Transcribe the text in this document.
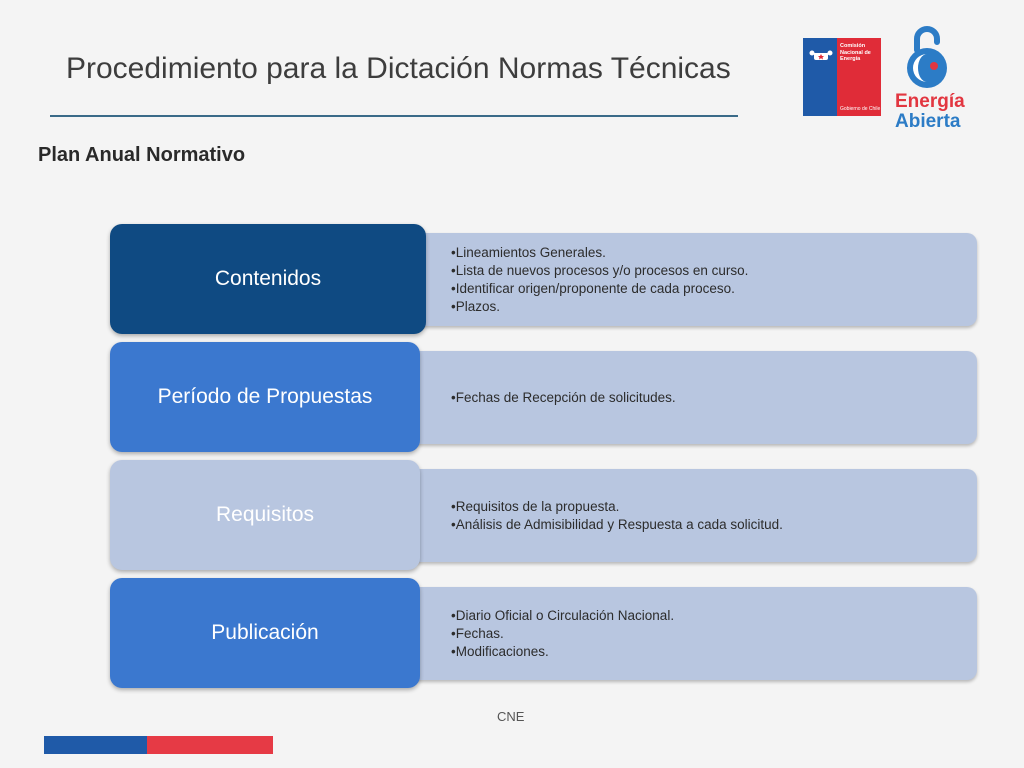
Procedimiento para la Dictación Normas Técnicas
Comisión
Nacional de
Energía
Gobierno de Chile Energía
Abierta
Plan Anual Normativo
• Lineamientos Generales.
• Lista de nuevos procesos y/o procesos en curso.
• Identificar origen/proponente de cada proceso.
• Plazos.
Contenidos
• Fechas de Recepción de solicitudes.
Período de Propuestas
• Requisitos de la propuesta.
• Análisis de Admisibilidad y Respuesta a cada solicitud.
Requisitos
• Diario Oficial o Circulación Nacional.
• Fechas.
• Modificaciones.
Publicación
CNE
